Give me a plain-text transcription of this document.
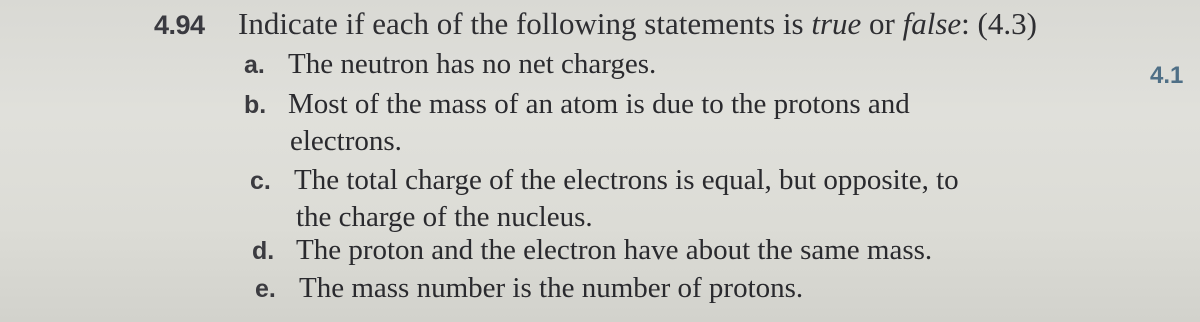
4.94 Indicate if each of the following statements is true or false: (4.3)
4.1
a. The neutron has no net charges.
b. Most of the mass of an atom is due to the protons and
electrons.
c. The total charge of the electrons is equal, but opposite, to
the charge of the nucleus.
d. The proton and the electron have about the same mass.
e. The mass number is the number of protons.
